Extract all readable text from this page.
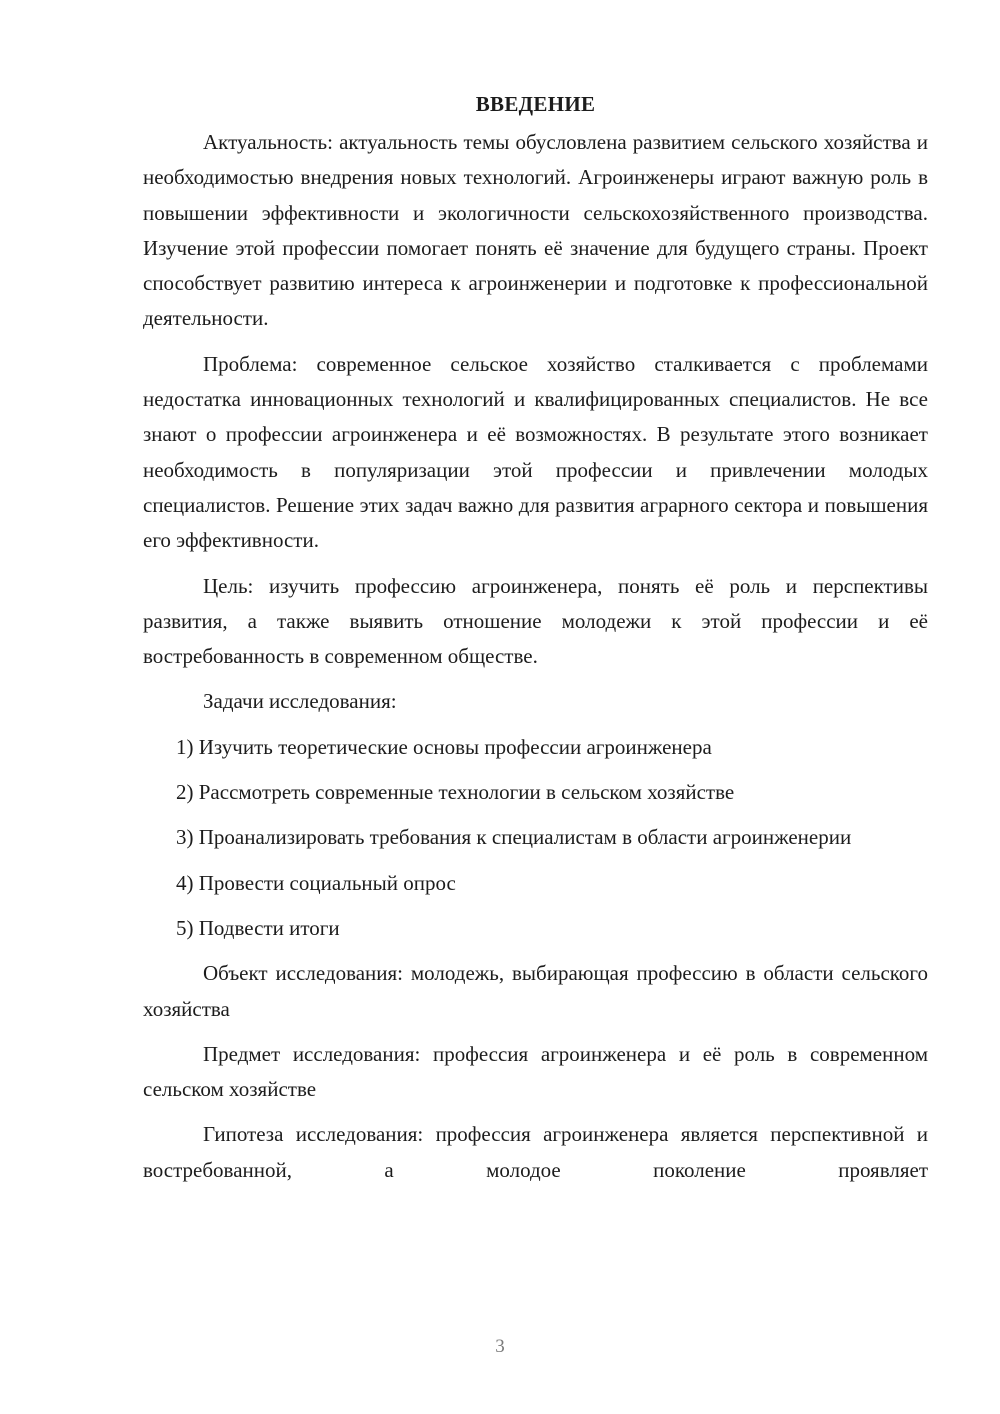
ВВЕДЕНИЕ

Актуальность: актуальность темы обусловлена развитием сельского хозяйства и необходимостью внедрения новых технологий. Агроинженеры играют важную роль в повышении эффективности и экологичности сельскохозяйственного производства. Изучение этой профессии помогает понять её значение для будущего страны. Проект способствует развитию интереса к агроинженерии и подготовке к профессиональной деятельности.

Проблема: современное сельское хозяйство сталкивается с проблемами недостатка инновационных технологий и квалифицированных специалистов. Не все знают о профессии агроинженера и её возможностях. В результате этого возникает необходимость в популяризации этой профессии и привлечении молодых специалистов. Решение этих задач важно для развития аграрного сектора и повышения его эффективности.

Цель: изучить профессию агроинженера, понять её роль и перспективы развития, а также выявить отношение молодежи к этой профессии и её востребованность в современном обществе.

Задачи исследования:

1) Изучить теоретические основы профессии агроинженера

2) Рассмотреть современные технологии в сельском хозяйстве

3) Проанализировать требования к специалистам в области агроинженерии

4) Провести социальный опрос

5) Подвести итоги

Объект исследования: молодежь, выбирающая профессию в области сельского хозяйства

Предмет исследования: профессия агроинженера и её роль в современном сельском хозяйстве

Гипотеза исследования: профессия агроинженера является перспективной и востребованной, а молодое поколение проявляет

3
